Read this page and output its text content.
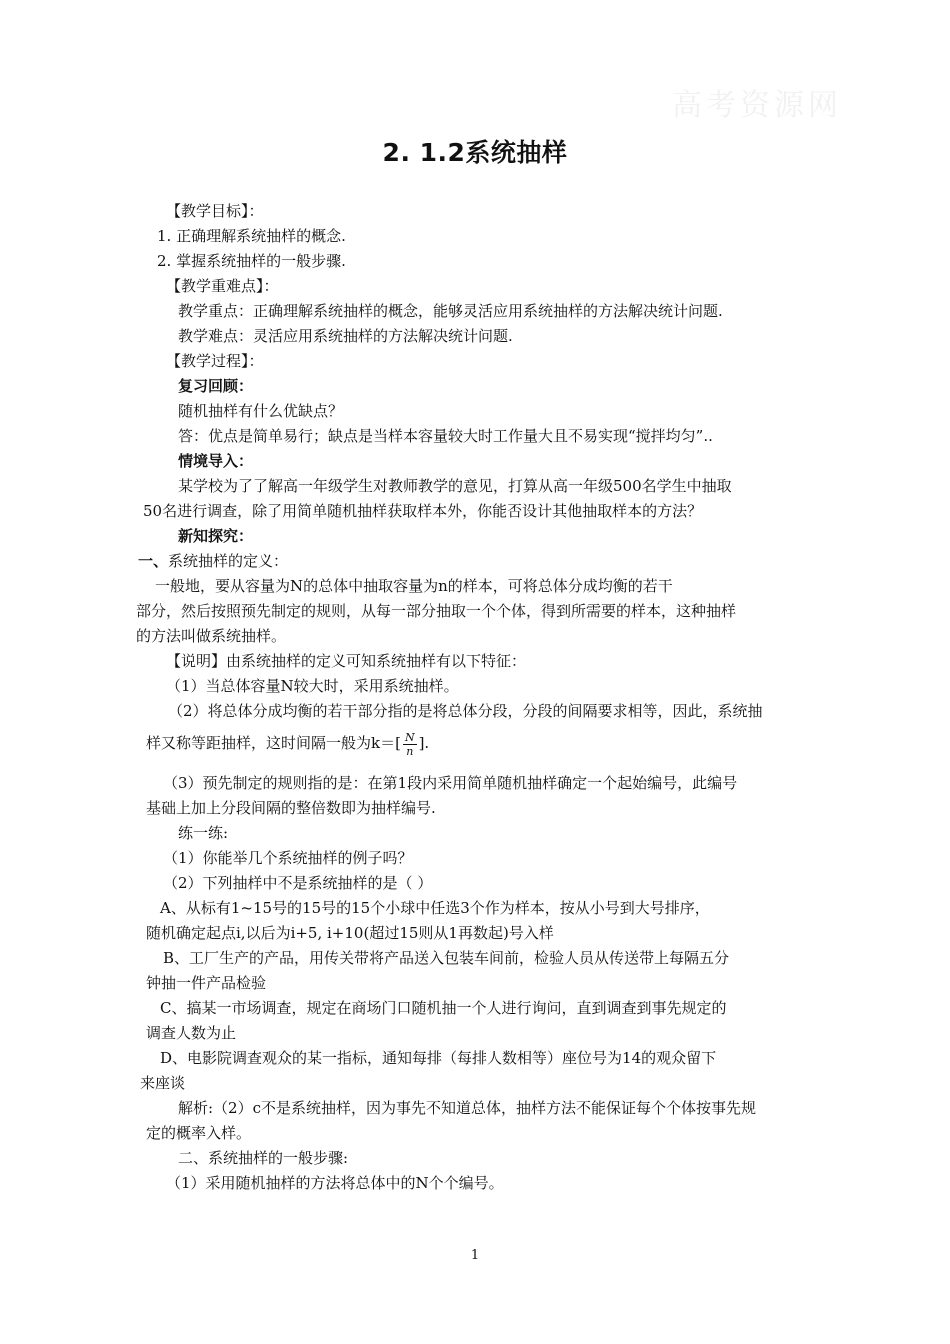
高考资源网
2. 1.2系统抽样
【教学目标】：
1. 正确理解系统抽样的概念.
2. 掌握系统抽样的一般步骤.
【教学重难点】：
教学重点：正确理解系统抽样的概念，能够灵活应用系统抽样的方法解决统计问题.
教学难点：灵活应用系统抽样的方法解决统计问题.
【教学过程】：
复习回顾：
随机抽样有什么优缺点？
答：优点是简单易行；缺点是当样本容量较大时工作量大且不易实现“搅拌均匀”..
情境导入：
某学校为了了解高一年级学生对教师教学的意见，打算从高一年级500名学生中抽取
50名进行调查，除了用简单随机抽样获取样本外，你能否设计其他抽取样本的方法？
新知探究：
一、系统抽样的定义：
一般地，要从容量为N的总体中抽取容量为n的样本，可将总体分成均衡的若干
部分，然后按照预先制定的规则，从每一部分抽取一个个体，得到所需要的样本，这种抽样
的方法叫做系统抽样。
【说明】由系统抽样的定义可知系统抽样有以下特征：
（1）当总体容量N较大时，采用系统抽样。
（2）将总体分成均衡的若干部分指的是将总体分段，分段的间隔要求相等，因此，系统抽
样又称等距抽样，这时间隔一般为$k=[ \frac{N}{n}$ ].
（3）预先制定的规则指的是：在第1段内采用简单随机抽样确定一个起始编号，此编号
基础上加上分段间隔的整倍数即为抽样编号.
练一练:
（1）你能举几个系统抽样的例子吗？
（2）下列抽样中不是系统抽样的是（ ）
A、从标有1~15号的15号的15个小球中任选3个作为样本，按从小号到大号排序，
随机确定起点i,以后为i+5, i+10(超过15则从1再数起)号入样
B、工厂生产的产品，用传关带将产品送入包装车间前，检验人员从传送带上每隔五分
钟抽一件产品检验
C、搞某一市场调查，规定在商场门口随机抽一个人进行询问，直到调查到事先规定的
调查人数为止
D、电影院调查观众的某一指标，通知每排（每排人数相等）座位号为14的观众留下
来座谈
解析:（2）c不是系统抽样，因为事先不知道总体，抽样方法不能保证每个个体按事先规
定的概率入样。
二、系统抽样的一般步骤:
（1）采用随机抽样的方法将总体中的N个个编号。
1
